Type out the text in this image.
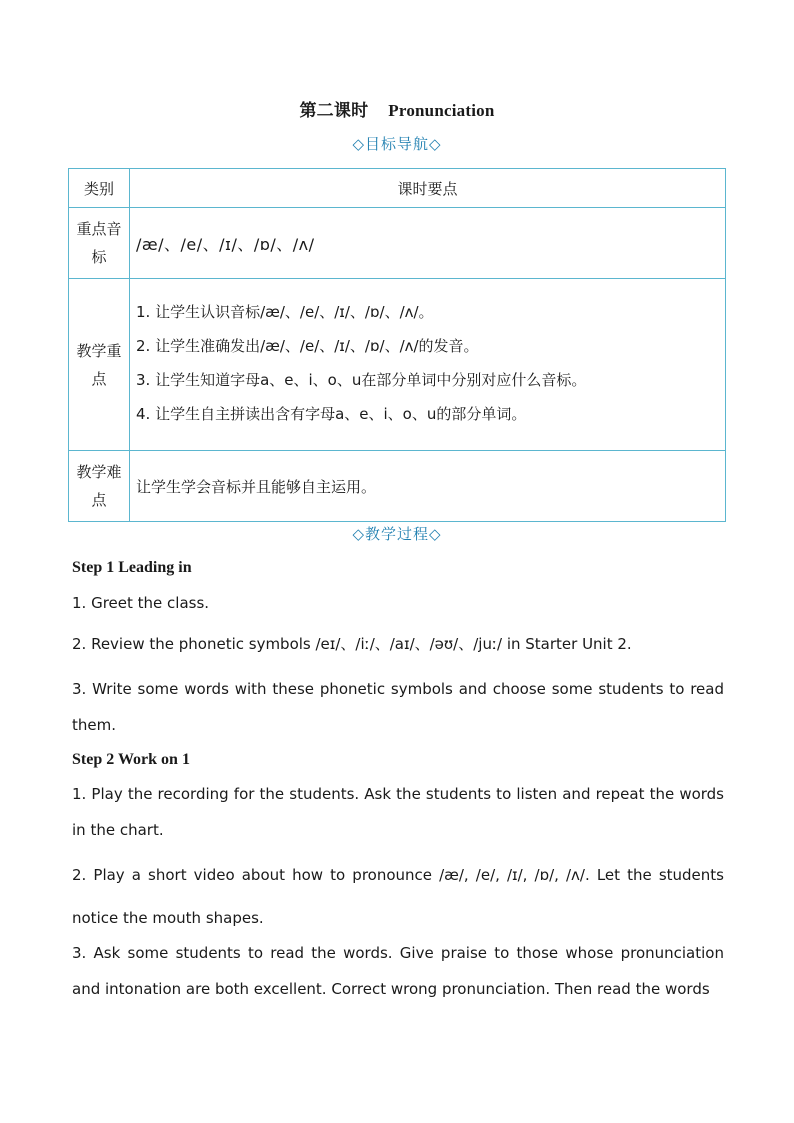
第二课时 Pronunciation
◇目标导航◇
类别	课时要点
重点音标	/æ/、/e/、/ɪ/、/ɒ/、/ʌ/
教学重点	1. 让学生认识音标/æ/、/e/、/ɪ/、/ɒ/、/ʌ/。
2. 让学生准确发出/æ/、/e/、/ɪ/、/ɒ/、/ʌ/的发音。
3. 让学生知道字母a、e、i、o、u在部分单词中分别对应什么音标。
4. 让学生自主拼读出含有字母a、e、i、o、u的部分单词。

教学难点	让学生学会音标并且能够自主运用。
◇教学过程◇
Step 1 Leading in
1. Greet the class.
2. Review the phonetic symbols /eɪ/、/iː/、/aɪ/、/əʊ/、/juː/ in Starter Unit 2.
3. Write some words with these phonetic symbols and choose some students to read them.
Step 2 Work on 1
1. Play the recording for the students. Ask the students to listen and repeat the words in the chart.
2. Play a short video about how to pronounce /æ/, /e/, /ɪ/, /ɒ/, /ʌ/. Let the students notice the mouth shapes.
3. Ask some students to read the words. Give praise to those whose pronunciation and intonation are both excellent. Correct wrong pronunciation. Then read the words
